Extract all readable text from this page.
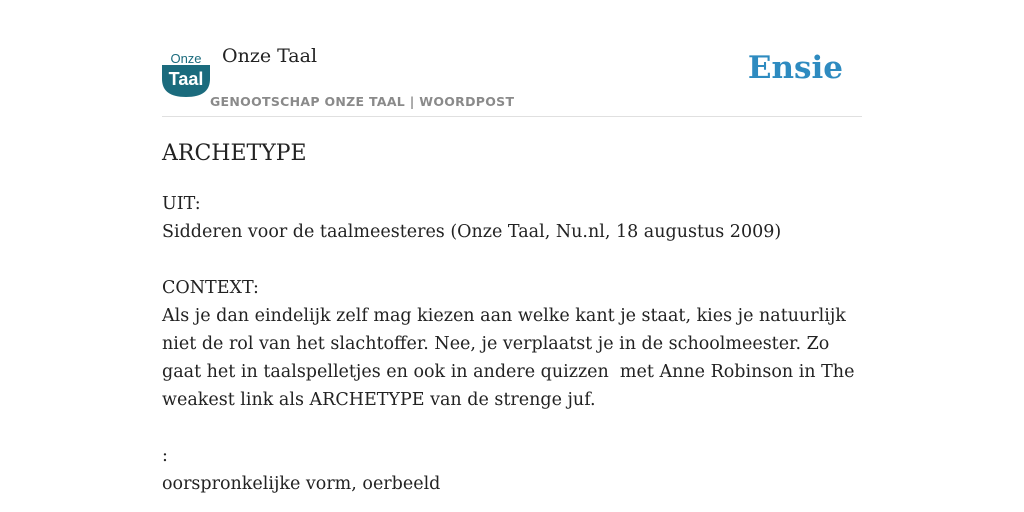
Onze
Taal
Onze Taal
GENOOTSCHAP ONZE TAAL | WOORDPOST
Ensie
ARCHETYPE

UIT:

Sidderen voor de taalmeesteres (Onze Taal, Nu.nl, 18 augustus 2009)

CONTEXT:

Als je dan eindelijk zelf mag kiezen aan welke kant je staat, kies je natuurlijk niet de rol van het slachtoffer. Nee, je verplaatst je in de schoolmeester. Zo gaat het in taalspelletjes en ook in andere quizzen  met Anne Robinson in The weakest link als ARCHETYPE van de strenge juf.

:

oorspronkelijke vorm, oerbeeld
